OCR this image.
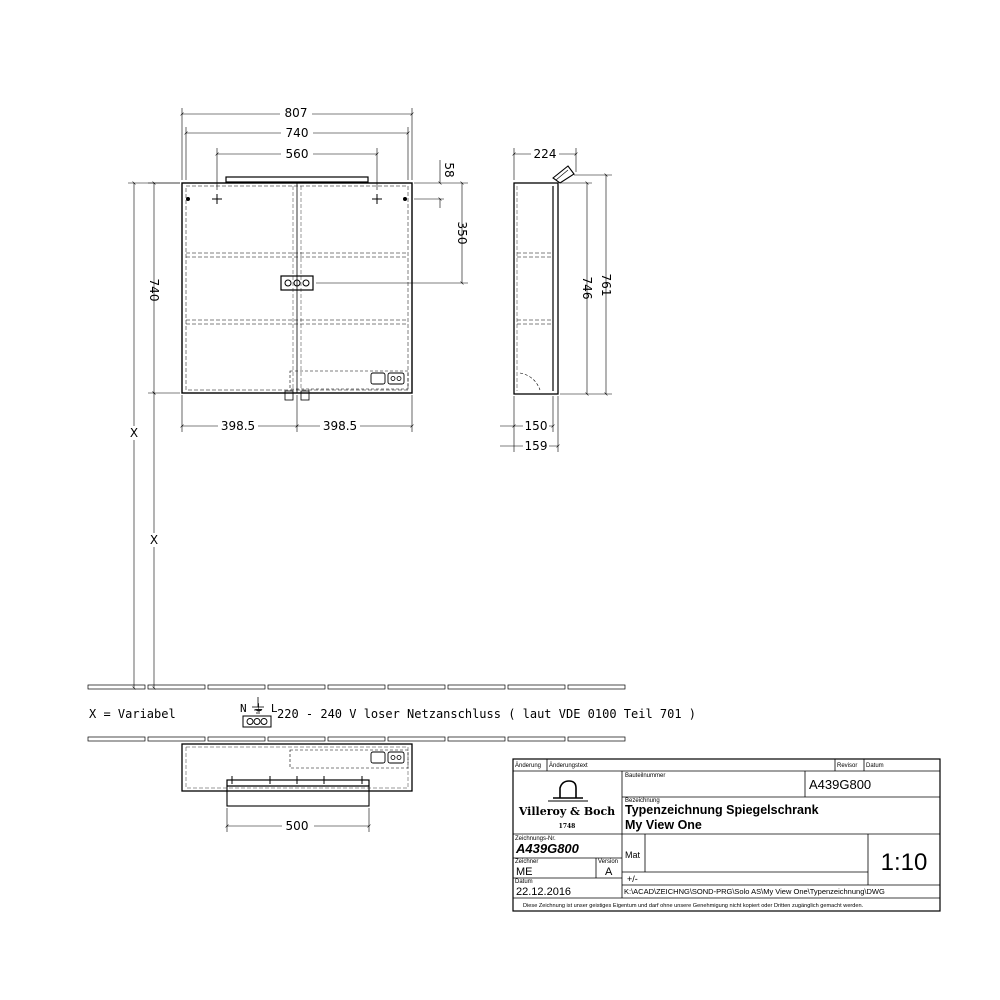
807
740
560
58
350
740
X
X
398.5	398.5
224
746 761
150
159
500
X = Variabel	N ⏚ L 220 - 240 V loser Netzanschluss ( laut VDE 0100 Teil 701 )
Villeroy & Boch
1748
Änderung Änderungstext	Revisor Datum
Bauteilnummer
A439G800
Bezeichnung
Typenzeichnung Spiegelschrank
My View One
Zeichnungs-Nr.
A439G800
Zeichner
ME
Version
A
Datum
22.12.2016
Mat
+/-
1:10
K:\ACAD\ZEICHNG\SOND-PRG\Solo AS\My View One\Typenzeichnung\DWG
Diese Zeichnung ist unser geistiges Eigentum und darf ohne unsere Genehmigung nicht kopiert oder Dritten zugänglich gemacht werden.
